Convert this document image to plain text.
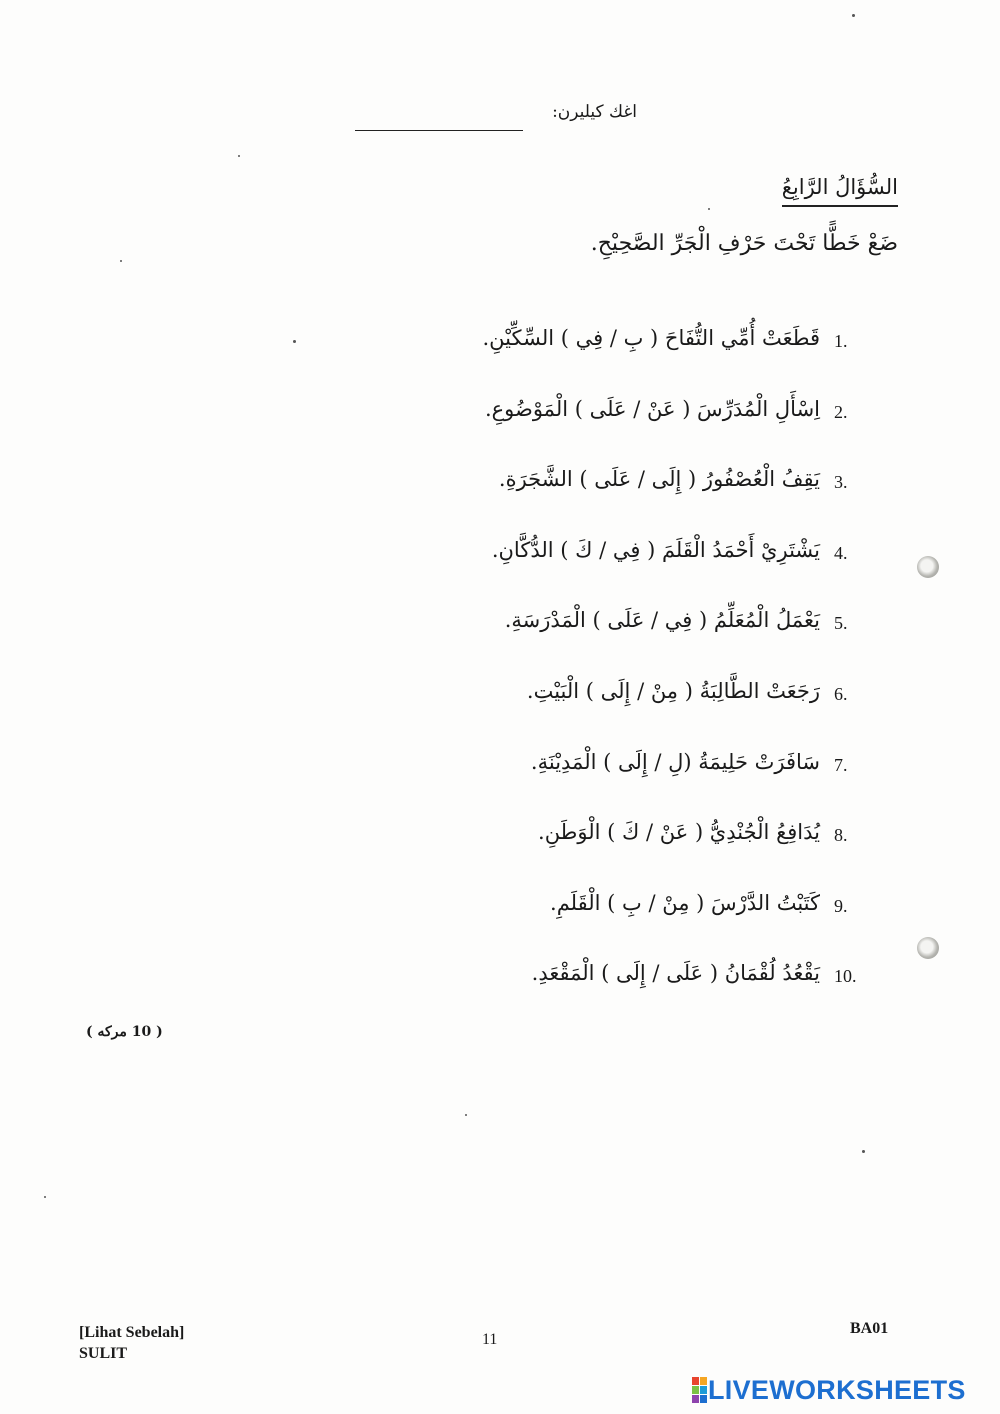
اغك كيليرن:
السُّؤَالُ الرَّابِعُ
ضَعْ خَطًّا تَحْتَ حَرْفِ الْجَرِّ الصَّحِيْحِ.
1.
قَطَعَتْ أُمِّي التُّفَاحَ ( بِ / فِي ) السِّكِّيْنِ.
2.
اِسْأَلِ الْمُدَرِّسَ ( عَنْ / عَلَى ) الْمَوْضُوعِ.
3.
يَقِفُ الْعُصْفُورُ ( إِلَى / عَلَى ) الشَّجَرَةِ.
4.
يَشْتَرِيْ أَحْمَدُ الْقَلَمَ ( فِي / كَ ) الدُّكَّانِ.
5.
يَعْمَلُ الْمُعَلِّمُ ( فِي / عَلَى ) الْمَدْرَسَةِ.
6.
رَجَعَتْ الطَّالِبَةُ ( مِنْ / إِلَى ) الْبَيْتِ.
7.
سَافَرَتْ حَلِيمَةُ (لِ / إِلَى ) الْمَدِيْنَةِ.
8.
يُدَافِعُ الْجُنْدِيُّ ( عَنْ / كَ ) الْوَطَنِ.
9.
كَتَبْتُ الدَّرْسَ ( مِنْ / بِ ) الْقَلَمِ.
10.
يَقْعُدُ لُقْمَانُ ( عَلَى / إِلَى ) الْمَقْعَدِ.
( 10 مركه )
[Lihat Sebelah]
SULIT
11
BA01
LIVEWORKSHEETS
